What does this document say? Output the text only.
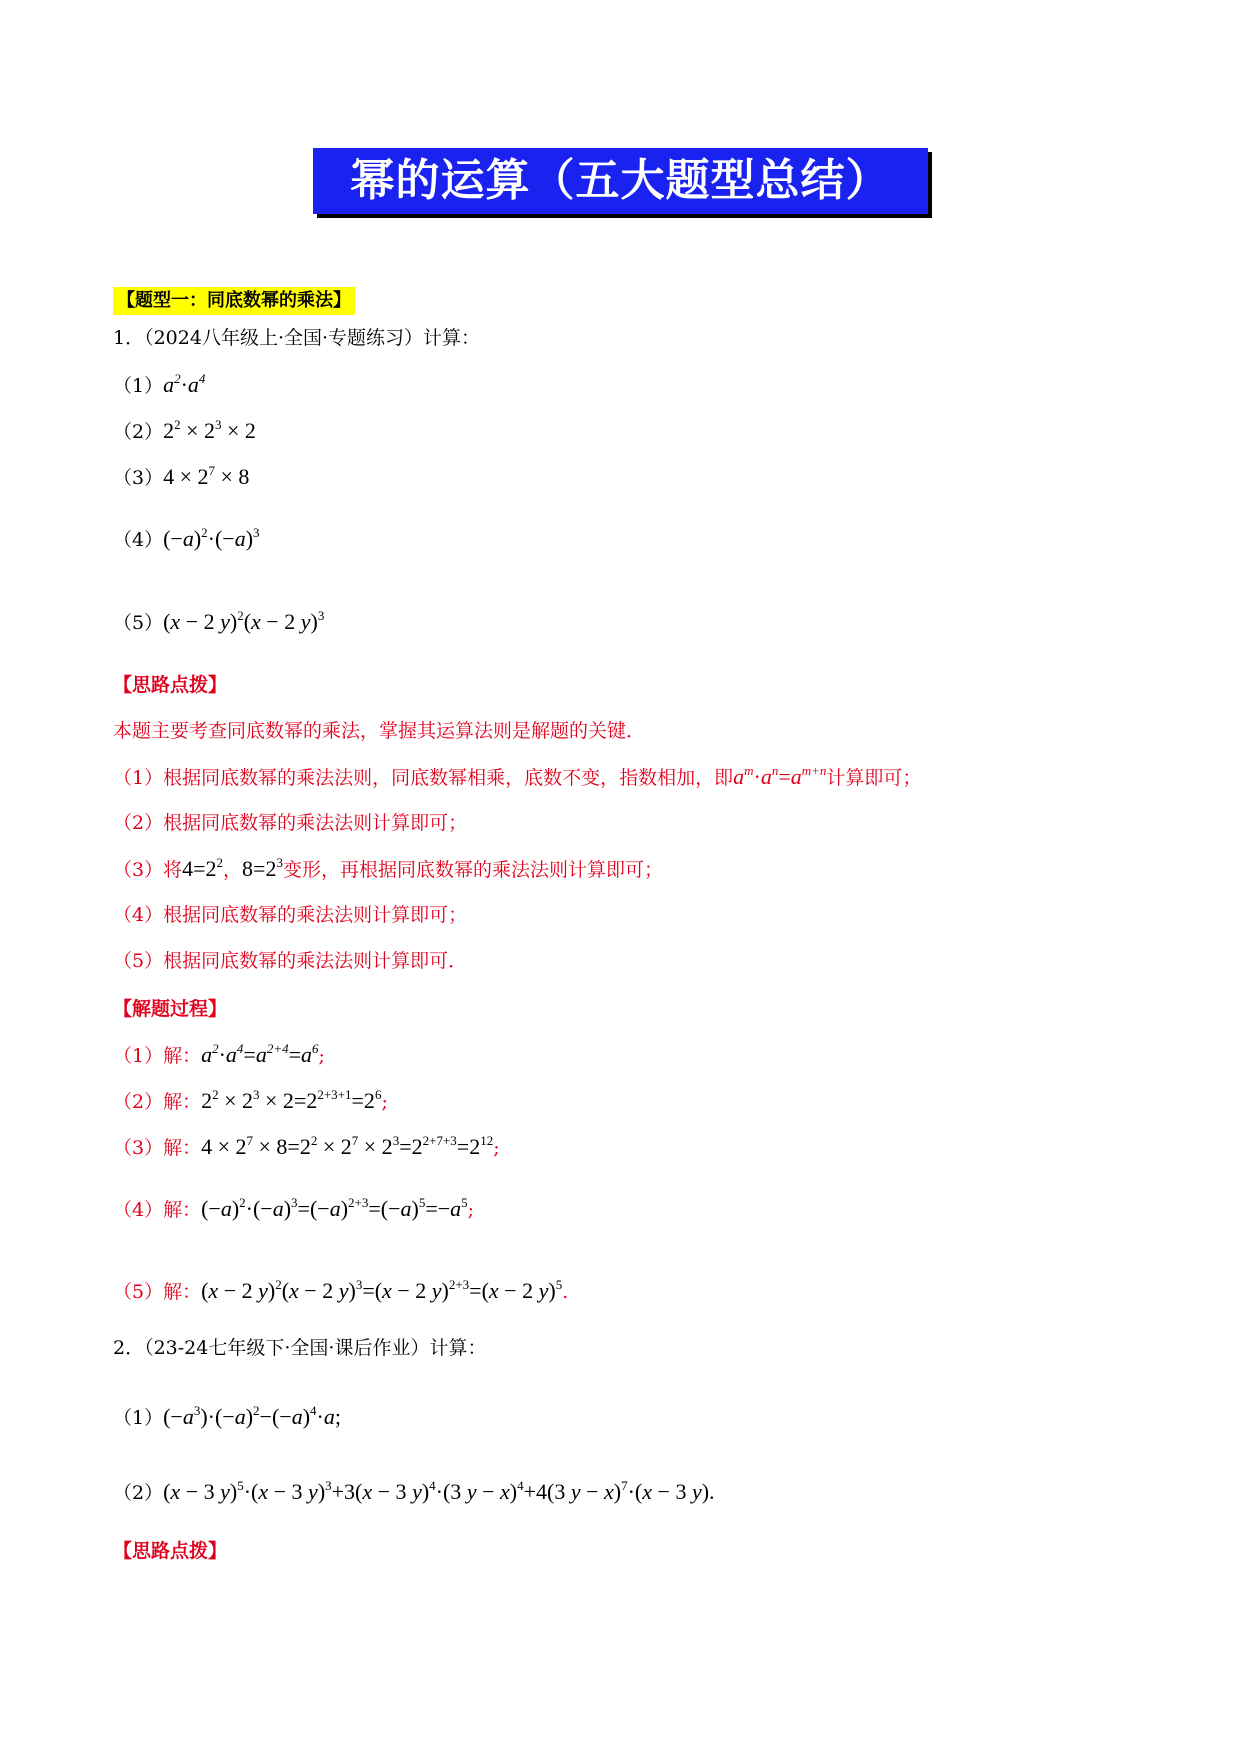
幂的运算（五大题型总结）
【题型一：同底数幂的乘法】
1．（2024八年级上·全国·专题练习）计算：
$(1)a^2\cdot a^4$
$(2)2^2 \times 2^3 \times 2$
$(3)4 \times 2^7 \times 8$
$(4)(-a)^2\cdot(-a)^3$
（5）(x − 2 y)$^2$(x − 2 y)$^3$
【思路点拨】
本题主要考查同底数幂的乘法，掌握其运算法则是解题的关键．
（1）根据同底数幂的乘法法则，同底数幂相乘，底数不变，指数相加，即$a^m\cdot a^n=a^{m+n}$计算即可；
（2）根据同底数幂的乘法法则计算即可；
（3）将$4=2^2$，$8=2^3$变形，再根据同底数幂的乘法法则计算即可；
（4）根据同底数幂的乘法法则计算即可；
（5）根据同底数幂的乘法法则计算即可．
【解题过程】
（1）解：$a^2\cdot a^4=a^{2+4}=a^6$;
（2）解：$2^2 \times 2^3 \times 2=2^{2+3+1}=2^6$;
（3）解：$4 \times 2^7 \times 8=2^2 \times 2^7 \times 2^3=2^{2+7+3}=2^{12}$;
（4）解：$(-a)^2\cdot(-a)^3=(-a)^{2+3}=(-a)^5=-a^5$;
（5）解：(x − 2 y)$^2$(x − 2 y)$^3$=(x − 2 y)$^{2+3}$=(x − 2 y)$^5$.
2．（23-24七年级下·全国·课后作业）计算：
$(1)(-a^3)\cdot(-a)^2-(-a)^4\cdot a$;
（2）(x − 3 y)$^5$·(x − 3 y)$^3$+3(x − 3 y)$^4$·(3 y − x)$^4$+4(3 y − x)$^7$·(x − 3 y).
【思路点拨】
